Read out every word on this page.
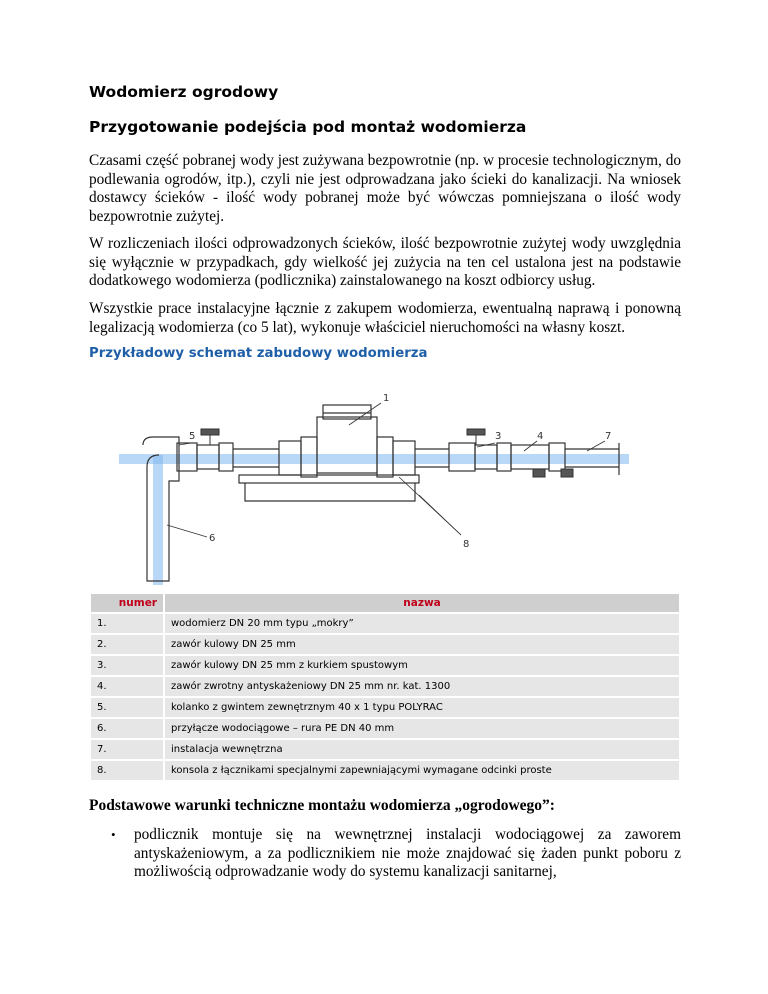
Wodomierz ogrodowy
Przygotowanie podejścia pod montaż wodomierza

Czasami część pobranej wody jest zużywana bezpowrotnie (np. w procesie technologicznym, do podlewania ogrodów, itp.), czyli nie jest odprowadzana jako ścieki do kanalizacji. Na wniosek dostawcy ścieków - ilość wody pobranej może być wówczas pomniejszana o ilość wody bezpowrotnie zużytej.

W rozliczeniach ilości odprowadzonych ścieków, ilość bezpowrotnie zużytej wody uwzględnia się wyłącznie w przypadkach, gdy wielkość jej zużycia na ten cel ustalona jest na podstawie dodatkowego wodomierza (podlicznika) zainstalowanego na koszt odbiorcy usług.

Wszystkie prace instalacyjne łącznie z zakupem wodomierza, ewentualną naprawą i ponowną legalizacją wodomierza (co 5 lat), wykonuje właściciel nieruchomości na własny koszt.

Przykładowy schemat zabudowy wodomierza
1
3	4
5
6
7
8
numer	nazwa
1.	wodomierz DN 20 mm typu „mokry”
2.	zawór kulowy DN 25 mm
3.	zawór kulowy DN 25 mm z kurkiem spustowym
4.	zawór zwrotny antyskażeniowy DN 25 mm nr. kat. 1300
5.	kolanko z gwintem zewnętrznym 40 x 1 typu POLYRAC
6.	przyłącze wodociągowe – rura PE DN 40 mm
7.	instalacja wewnętrzna
8.	konsola z łącznikami specjalnymi zapewniającymi wymagane odcinki proste
Podstawowe warunki techniczne montażu wodomierza „ogrodowego”:
• podlicznik montuje się na wewnętrznej instalacji wodociągowej za zaworem antyskażeniowym, a za podlicznikiem nie może znajdować się żaden punkt poboru z możliwością odprowadzanie wody do systemu kanalizacji sanitarnej,
